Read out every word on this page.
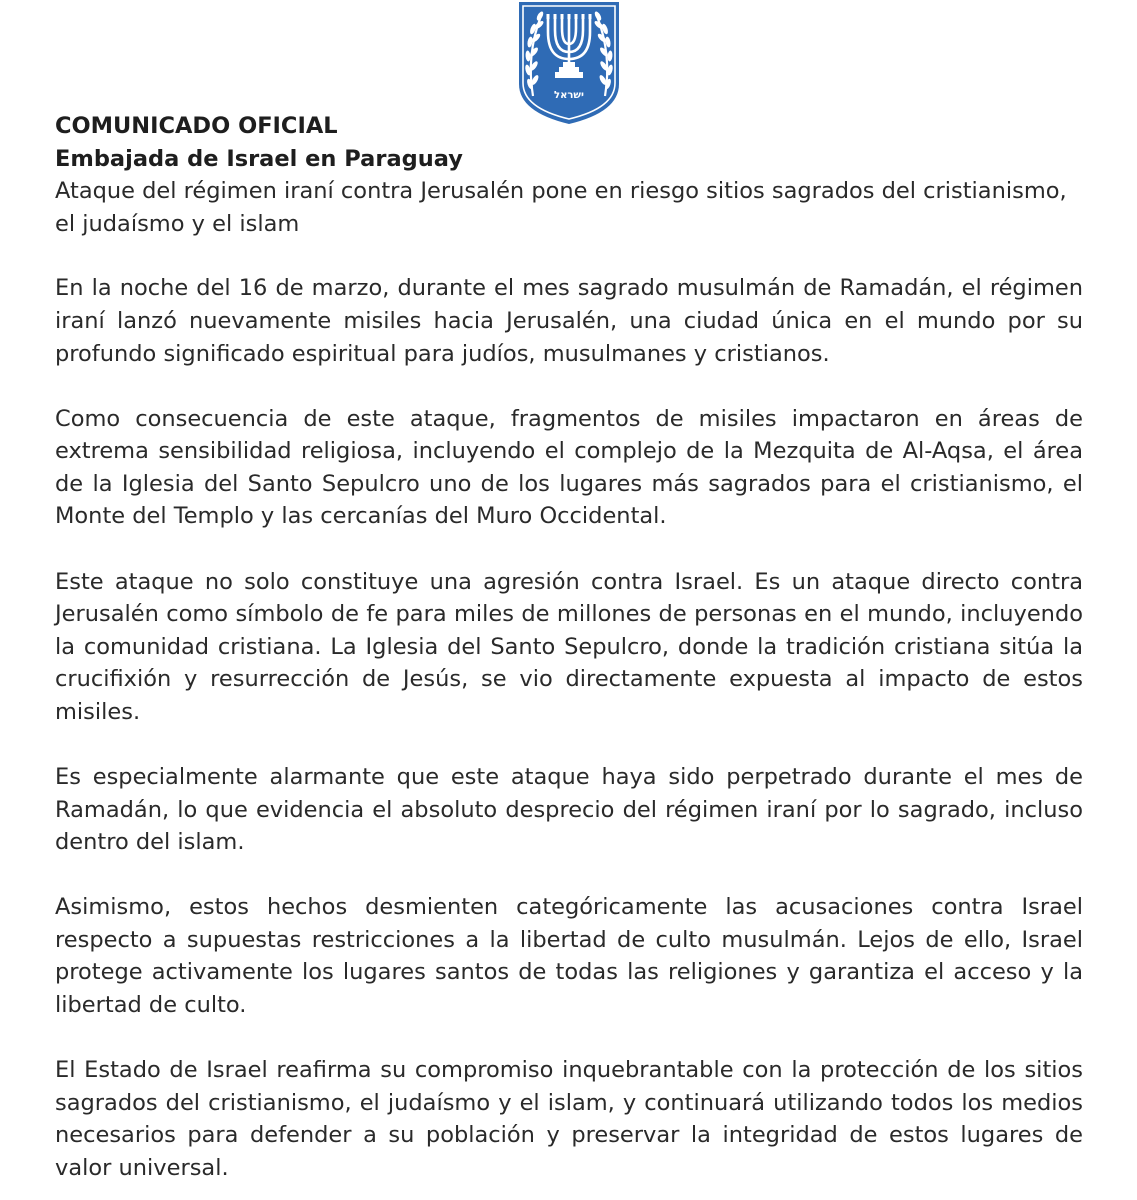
ישראל

COMUNICADO OFICIAL

Embajada de Israel en Paraguay

Ataque del régimen iraní contra Jerusalén pone en riesgo sitios sagrados del cristianismo, el judaísmo y el islam

En la noche del 16 de marzo, durante el mes sagrado musulmán de Ramadán, el régimen iraní lanzó nuevamente misiles hacia Jerusalén, una ciudad única en el mundo por su profundo significado espiritual para judíos, musulmanes y cristianos.

Como consecuencia de este ataque, fragmentos de misiles impactaron en áreas de extrema sensibilidad religiosa, incluyendo el complejo de la Mezquita de Al-Aqsa, el área de la Iglesia del Santo Sepulcro uno de los lugares más sagrados para el cristianismo, el Monte del Templo y las cercanías del Muro Occidental.

Este ataque no solo constituye una agresión contra Israel. Es un ataque directo contra Jerusalén como símbolo de fe para miles de millones de personas en el mundo, incluyendo la comunidad cristiana. La Iglesia del Santo Sepulcro, donde la tradición cristiana sitúa la crucifixión y resurrección de Jesús, se vio directamente expuesta al impacto de estos misiles.

Es especialmente alarmante que este ataque haya sido perpetrado durante el mes de Ramadán, lo que evidencia el absoluto desprecio del régimen iraní por lo sagrado, incluso dentro del islam.

Asimismo, estos hechos desmienten categóricamente las acusaciones contra Israel respecto a supuestas restricciones a la libertad de culto musulmán. Lejos de ello, Israel protege activamente los lugares santos de todas las religiones y garantiza el acceso y la libertad de culto.

El Estado de Israel reafirma su compromiso inquebrantable con la protección de los sitios sagrados del cristianismo, el judaísmo y el islam, y continuará utilizando todos los medios necesarios para defender a su población y preservar la integridad de estos lugares de valor universal.
